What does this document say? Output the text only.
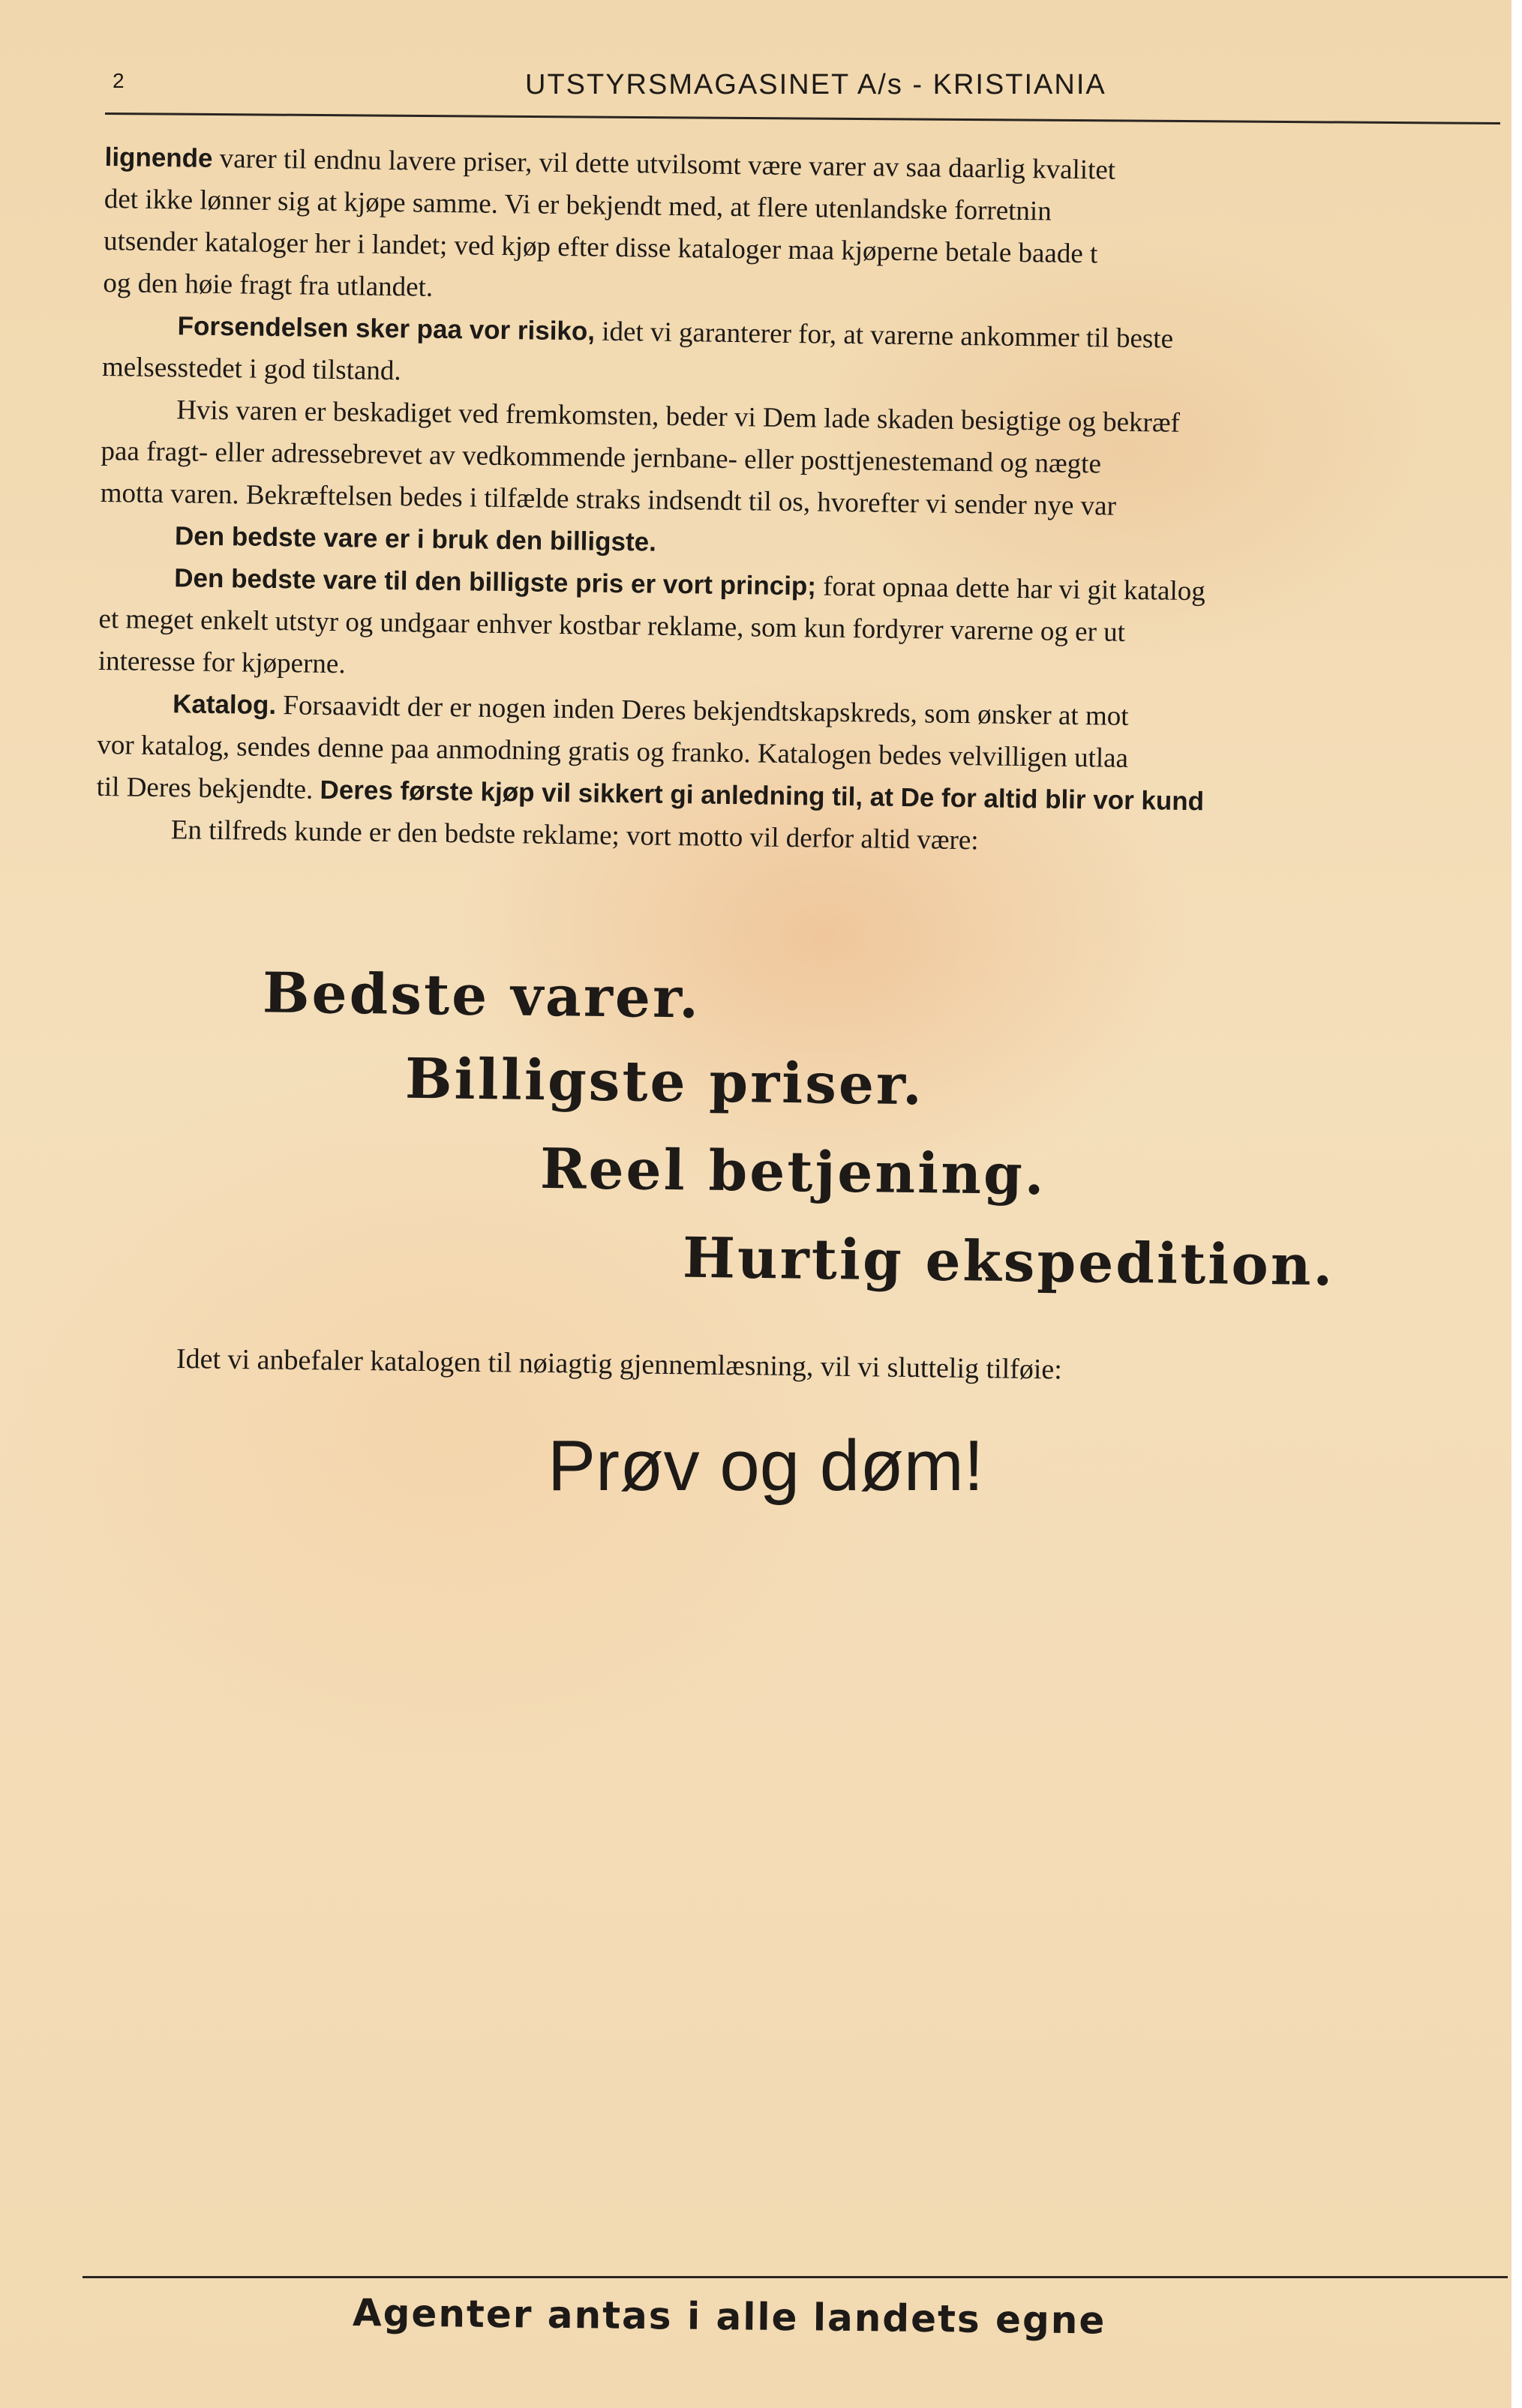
2	UTSTYRSMAGASINET A/s - KRISTIANIA

lignende varer til endnu lavere priser, vil dette utvilsomt være varer av saa daarlig kvalitet

det ikke lønner sig at kjøpe samme. Vi er bekjendt med, at flere utenlandske forretnin

utsender kataloger her i landet; ved kjøp efter disse kataloger maa kjøperne betale baade t

og den høie fragt fra utlandet.

Forsendelsen sker paa vor risiko, idet vi garanterer for, at varerne ankommer til beste

melsesstedet i god tilstand.

Hvis varen er beskadiget ved fremkomsten, beder vi Dem lade skaden besigtige og bekræf

paa fragt- eller adressebrevet av vedkommende jernbane- eller posttjenestemand og nægte

motta varen. Bekræftelsen bedes i tilfælde straks indsendt til os, hvorefter vi sender nye var

Den bedste vare er i bruk den billigste.

Den bedste vare til den billigste pris er vort princip; forat opnaa dette har vi git katalog

et meget enkelt utstyr og undgaar enhver kostbar reklame, som kun fordyrer varerne og er ut

interesse for kjøperne.

Katalog. Forsaavidt der er nogen inden Deres bekjendtskapskreds, som ønsker at mot

vor katalog, sendes denne paa anmodning gratis og franko. Katalogen bedes velvilligen utlaa

til Deres bekjendte. Deres første kjøp vil sikkert gi anledning til, at De for altid blir vor kund

En tilfreds kunde er den bedste reklame; vort motto vil derfor altid være:

Bedste varer.
Billigste priser.
Reel betjening.
Hurtig ekspedition.
Idet vi anbefaler katalogen til nøiagtig gjennemlæsning, vil vi sluttelig tilføie:
Prøv og døm!
Agenter antas i alle landets egne
